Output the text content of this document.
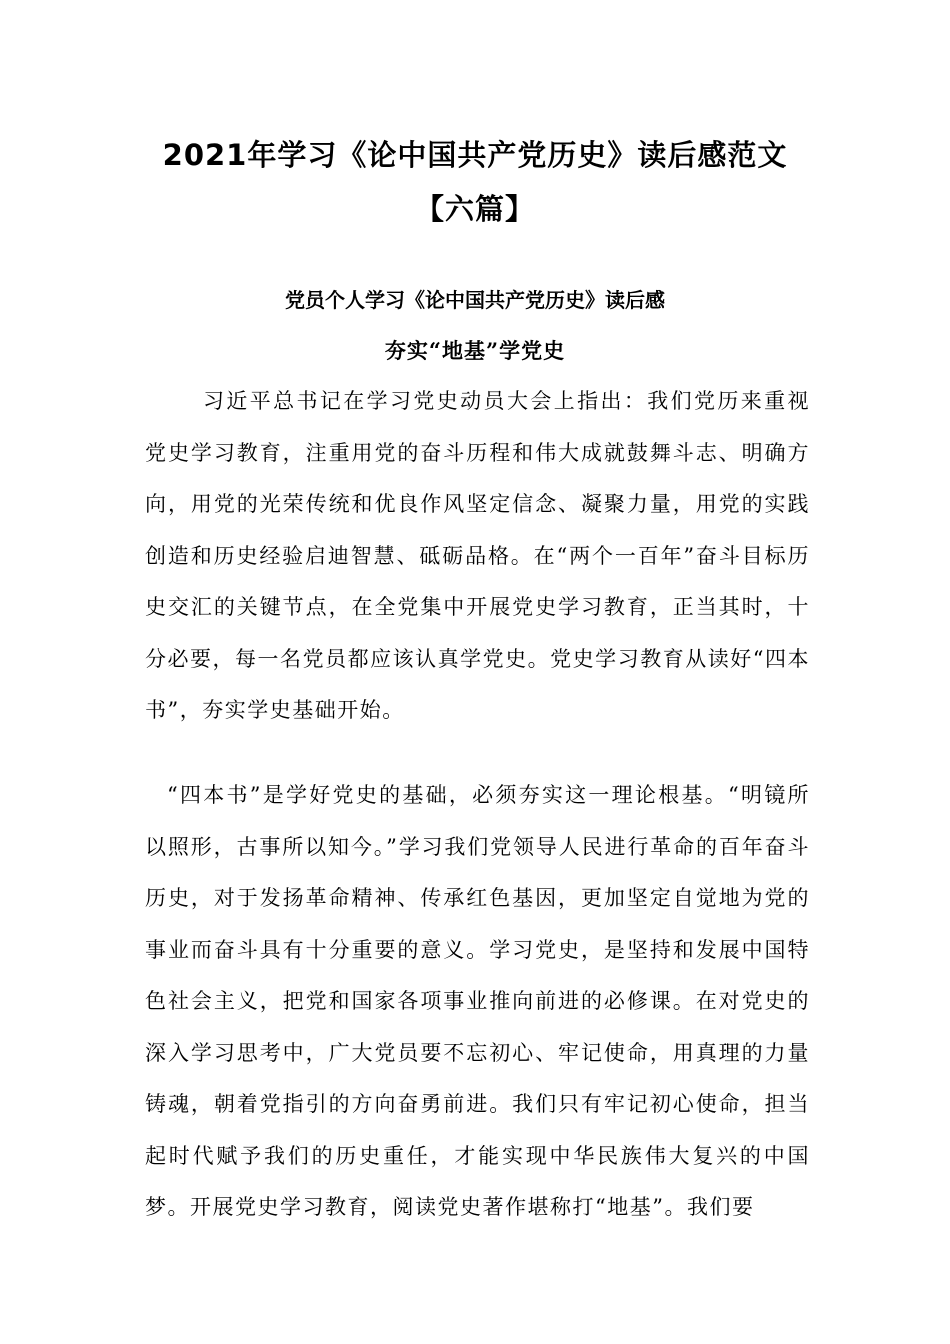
2021年学习《论中国共产党历史》读后感范文【六篇】
党员个人学习《论中国共产党历史》读后感
夯实“地基”学党史

习近平总书记在学习党史动员大会上指出：我们党历来重视党史学习教育，注重用党的奋斗历程和伟大成就鼓舞斗志、明确方向，用党的光荣传统和优良作风坚定信念、凝聚力量，用党的实践创造和历史经验启迪智慧、砥砺品格。在“两个一百年”奋斗目标历史交汇的关键节点，在全党集中开展党史学习教育，正当其时，十分必要，每一名党员都应该认真学党史。党史学习教育从读好“四本书”，夯实学史基础开始。

“四本书”是学好党史的基础，必须夯实这一理论根基。“明镜所以照形，古事所以知今。”学习我们党领导人民进行革命的百年奋斗历史，对于发扬革命精神、传承红色基因，更加坚定自觉地为党的事业而奋斗具有十分重要的意义。学习党史，是坚持和发展中国特色社会主义，把党和国家各项事业推向前进的必修课。在对党史的深入学习思考中，广大党员要不忘初心、牢记使命，用真理的力量铸魂，朝着党指引的方向奋勇前进。我们只有牢记初心使命，担当起时代赋予我们的历史重任，才能实现中华民族伟大复兴的中国梦。开展党史学习教育，阅读党史著作堪称打“地基”。我们要
